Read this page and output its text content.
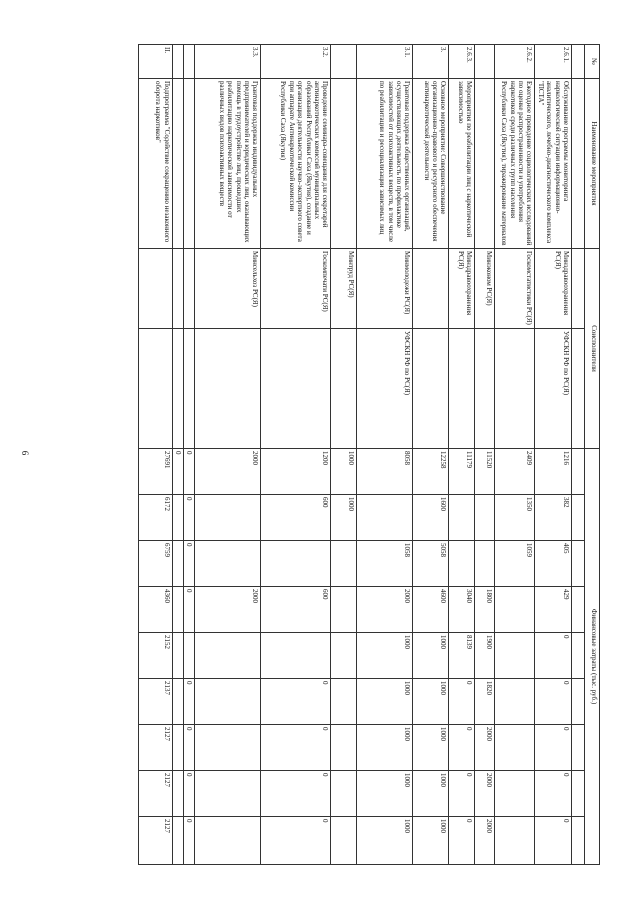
6
№	Наименование мероприятия	Соисполнители		Финансовые затраты (тыс. руб.)								

2.6.1.	Обслуживание программы мониторинга наркологической ситуации информационно-аналитического, лечебно-диагностического комплекса "ПСТА"	Минздравоохранения РС(Я)	УФСКН РФ по РС(Я)	1216	382	405	429	0	0	0	0	0
2.6.2.	Ежегодное проведение социологических исследований по оценке распространенности и употребления наркотиков среди различных групп населения Республики Саха (Якутия), тиражирование материалов	Госкомстатистики РС(Я)		2409	1350	1059						
		Минэконом РС(Я)		11520			1800	1900	1820	2000	2000	2000
2.6.3.	Мероприятия по реабилитации лиц с наркотической зависимостью	Минздравоохранения РС(Я)		11179			3040	8139	0	0	0	0
3.	Основное мероприятие: Совершенствование организационно-правового и ресурсного обеспечения антинаркотической деятельности			12258	1600	5058	4600	1000	1000	1000	1000	1000
3.1.	Грантовая поддержка общественных организаций, осуществляющих деятельность по профилактике зависимостей от психоактивных веществ, в том числе по реабилитации и ресоциализации зависимых лиц	Минмолодежи РС(Я)	УФСКН РФ по РС(Я)	8058		1058	2000	1000	1000	1000	1000	1000
		Минтруд РС(Я)		1000	1000							
3.2.	Проведение семинара-совещания для секретарей антинаркотических комиссий муниципальных образований Республики Саха (Якутия), создание и организация деятельности научно-экспертного совета при аппарате Антинаркотической комиссии Республики Саха (Якутия)	Госкомпечати РС(Я)		1200	600		600		0	0	0	0
3.3.	Грантовая поддержка индивидуальных предпринимателей и юридических лиц, оказывающих помощь в трудоустройстве лиц, прошедших реабилитацию наркотической зависимости от различных видов психоактивных веществ	Минсельхоз РС(Я)		2000			2000					
				0	0	0	0		0	0	0	0
				0								
II.	Подпрограмма "Содействие сокращению незаконного оборота наркотиков"			27691	6172	6759	4360	2152	2137	2127	2127	2127
